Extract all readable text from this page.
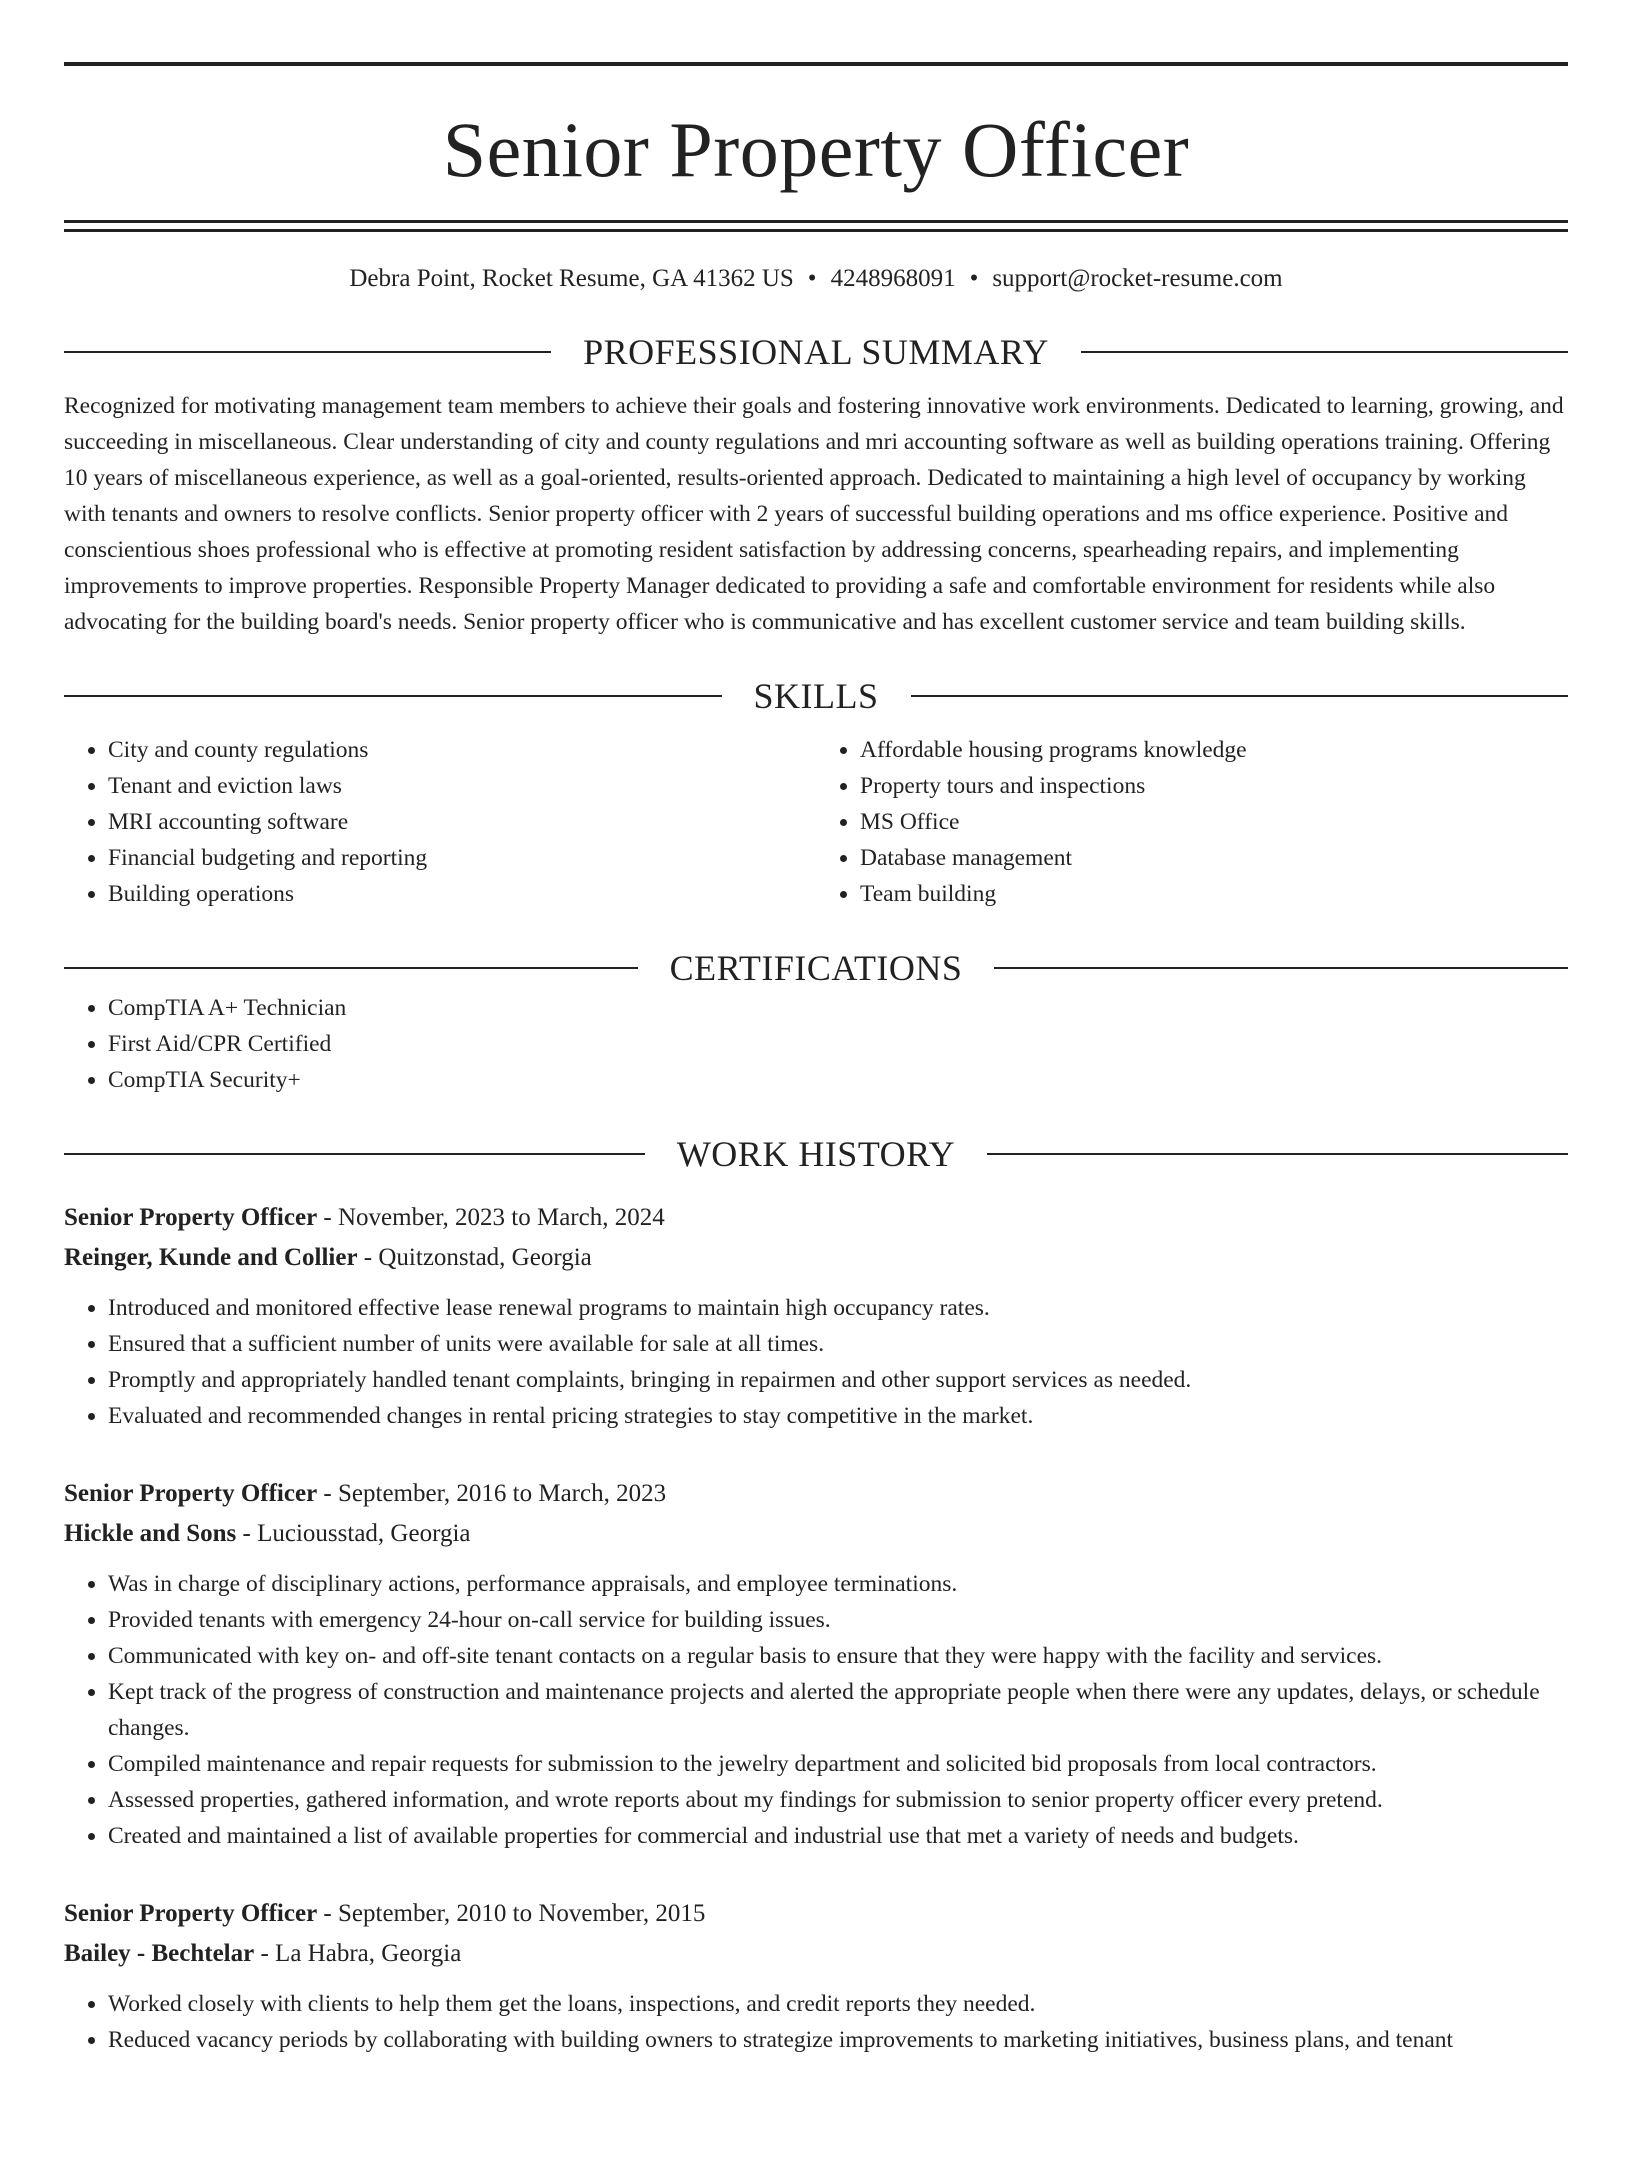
Senior Property Officer
Debra Point, Rocket Resume, GA 41362 US • 4248968091 • support@rocket-resume.com
PROFESSIONAL SUMMARY
Recognized for motivating management team members to achieve their goals and fostering innovative work environments. Dedicated to learning, growing, and succeeding in miscellaneous. Clear understanding of city and county regulations and mri accounting software as well as building operations training. Offering 10 years of miscellaneous experience, as well as a goal-oriented, results-oriented approach. Dedicated to maintaining a high level of occupancy by working with tenants and owners to resolve conflicts. Senior property officer with 2 years of successful building operations and ms office experience. Positive and conscientious shoes professional who is effective at promoting resident satisfaction by addressing concerns, spearheading repairs, and implementing improvements to improve properties. Responsible Property Manager dedicated to providing a safe and comfortable environment for residents while also advocating for the building board's needs. Senior property officer who is communicative and has excellent customer service and team building skills.
SKILLS
• City and county regulations
• Tenant and eviction laws
• MRI accounting software
• Financial budgeting and reporting
• Building operations
• Affordable housing programs knowledge
• Property tours and inspections
• MS Office
• Database management
• Team building
CERTIFICATIONS
• CompTIA A+ Technician
• First Aid/CPR Certified
• CompTIA Security+
WORK HISTORY
Senior Property Officer - November, 2023 to March, 2024
Reinger, Kunde and Collier - Quitzonstad, Georgia
• Introduced and monitored effective lease renewal programs to maintain high occupancy rates.
• Ensured that a sufficient number of units were available for sale at all times.
• Promptly and appropriately handled tenant complaints, bringing in repairmen and other support services as needed.
• Evaluated and recommended changes in rental pricing strategies to stay competitive in the market.
Senior Property Officer - September, 2016 to March, 2023
Hickle and Sons - Luciousstad, Georgia
• Was in charge of disciplinary actions, performance appraisals, and employee terminations.
• Provided tenants with emergency 24-hour on-call service for building issues.
• Communicated with key on- and off-site tenant contacts on a regular basis to ensure that they were happy with the facility and services.
• Kept track of the progress of construction and maintenance projects and alerted the appropriate people when there were any updates, delays, or schedule changes.
• Compiled maintenance and repair requests for submission to the jewelry department and solicited bid proposals from local contractors.
• Assessed properties, gathered information, and wrote reports about my findings for submission to senior property officer every pretend.
• Created and maintained a list of available properties for commercial and industrial use that met a variety of needs and budgets.
Senior Property Officer - September, 2010 to November, 2015
Bailey - Bechtelar - La Habra, Georgia
• Worked closely with clients to help them get the loans, inspections, and credit reports they needed.
• Reduced vacancy periods by collaborating with building owners to strategize improvements to marketing initiatives, business plans, and tenant
